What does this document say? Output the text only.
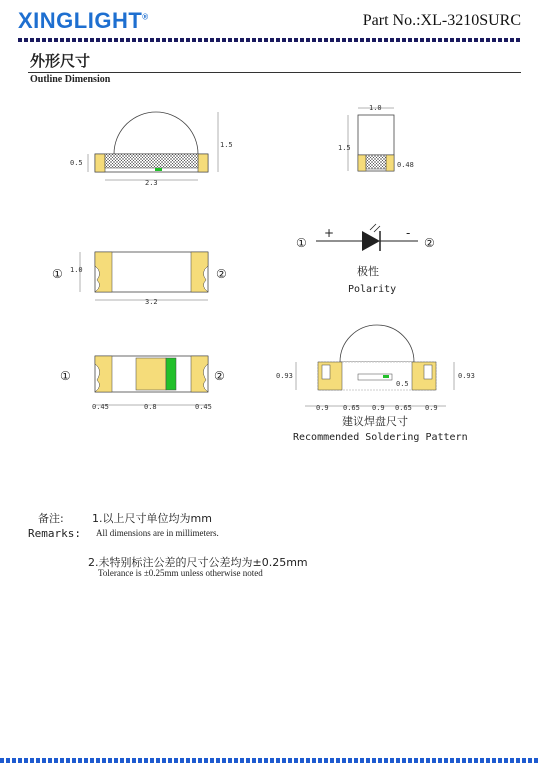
XINGLIGHT®	Part No.:XL-3210SURC
外形尺寸
Outline Dimension
0.5
1.5
2.3
1.0
1.5
0.48
①	②
1.0
3.2
①	②
0.45	0.8	0.45
①	②
+	-
极性
Polarity
0.93	0.93
0.5
0.9 0.65 0.9 0.65 0.9
建议焊盘尺寸
Recommended Soldering Pattern
备注:
Remarks:
1.以上尺寸单位均为mm
All dimensions are in millimeters.
2.未特别标注公差的尺寸公差均为±0.25mm
Tolerance is ±0.25mm unless otherwise noted
